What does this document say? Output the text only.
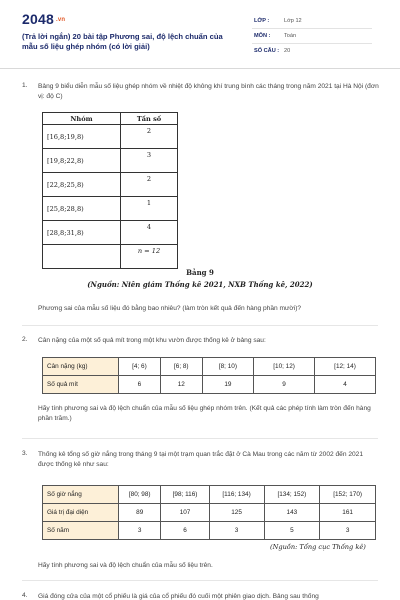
2048 .vn
(Trả lời ngắn) 20 bài tập Phương sai, độ lệch chuẩn của mẫu số liệu ghép nhóm (có lời giải)
LỚP :	Lớp 12
MÔN :	Toán
SỐ CÂU : 20
1. Bảng 9 biểu diễn mẫu số liệu ghép nhóm về nhiệt độ không khí trung bình các tháng trong năm 2021 tại Hà Nội (đơn vị: độ C)
Nhóm	Tần số
[16,8;19,8)	2
[19,8;22,8)	3
[22,8;25,8)	2
[25,8;28,8)	1
[28,8;31,8)	4
	n = 12
Bảng 9
(Nguồn: Niên giám Thống kê 2021, NXB Thống kê, 2022)
Phương sai của mẫu số liệu đó bằng bao nhiêu? (làm tròn kết quả đến hàng phần mười)?
2. Cân nặng của một số quả mít trong một khu vườn được thống kê ở bảng sau:
Cân nặng (kg)	[4; 6)	[6; 8)	[8; 10)	[10; 12)	[12; 14)
Số quả mít	6	12	19	9	4
Hãy tính phương sai và độ lệch chuẩn của mẫu số liệu ghép nhóm trên. (Kết quả các phép tính làm tròn đến hàng phần trăm.)
3. Thống kê tổng số giờ nắng trong tháng 9 tại một trạm quan trắc đặt ở Cà Mau trong các năm từ 2002 đến 2021 được thống kê như sau:
Số giờ nắng	[80; 98)	[98; 116)	[116; 134)	[134; 152)	[152; 170)
Giá trị đại diện	89	107	125	143	161
Số năm	3	6	3	5	3
(Nguồn: Tổng cục Thống kê)
Hãy tính phương sai và độ lệch chuẩn của mẫu số liệu trên.
4. Giá đóng cửa của một cổ phiếu là giá của cổ phiếu đó cuối một phiên giao dịch. Bảng sau thống
